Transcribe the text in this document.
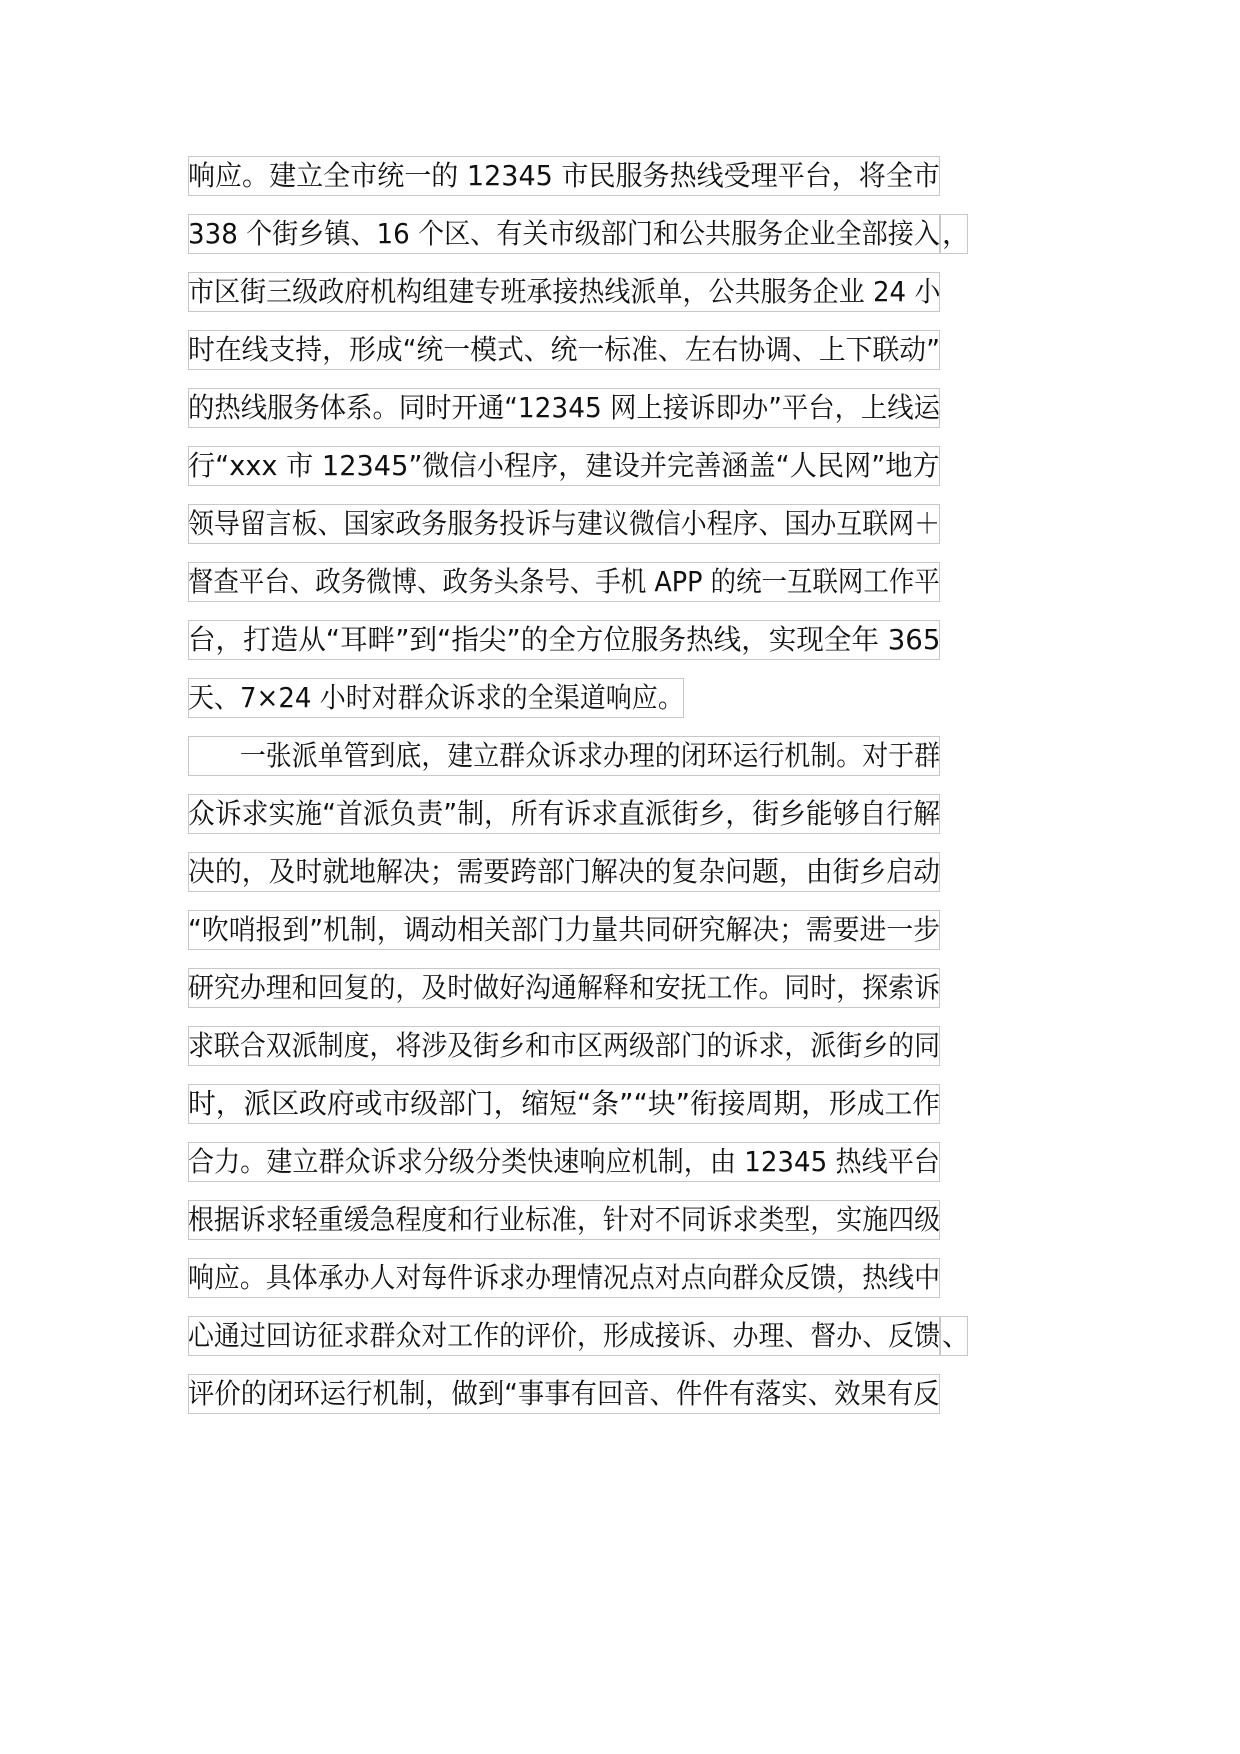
响应。建立全市统一的 12345 市民服务热线受理平台，将全市
338 个街乡镇、16 个区、有关市级部门和公共服务企业全部接入
市区街三级政府机构组建专班承接热线派单，公共服务企业 24 小
时在线支持，形成“统一模式、统一标准、左右协调、上下联动”
的热线服务体系。同时开通“12345 网上接诉即办”平台，上线运
行“xxx 市 12345”微信小程序，建设并完善涵盖“人民网”地方
领导留言板、国家政务服务投诉与建议微信小程序、国办互联网＋
督查平台、政务微博、政务头条号、手机 APP 的统一互联网工作平
台，打造从“耳畔”到“指尖”的全方位服务热线，实现全年 365
天、7×24 小时对群众诉求的全渠道响应。
　　一张派单管到底，建立群众诉求办理的闭环运行机制。对于群
众诉求实施“首派负责”制，所有诉求直派街乡，街乡能够自行解
决的，及时就地解决；需要跨部门解决的复杂问题，由街乡启动
“吹哨报到”机制，调动相关部门力量共同研究解决；需要进一步
研究办理和回复的，及时做好沟通解释和安抚工作。同时，探索诉
求联合双派制度，将涉及街乡和市区两级部门的诉求，派街乡的同
时，派区政府或市级部门，缩短“条”“块”衔接周期，形成工作
合力。建立群众诉求分级分类快速响应机制，由 12345 热线平台
根据诉求轻重缓急程度和行业标准，针对不同诉求类型，实施四级
响应。具体承办人对每件诉求办理情况点对点向群众反馈，热线中
心通过回访征求群众对工作的评价，形成接诉、办理、督办、反馈
评价的闭环运行机制，做到“事事有回音、件件有落实、效果有反
，
、
